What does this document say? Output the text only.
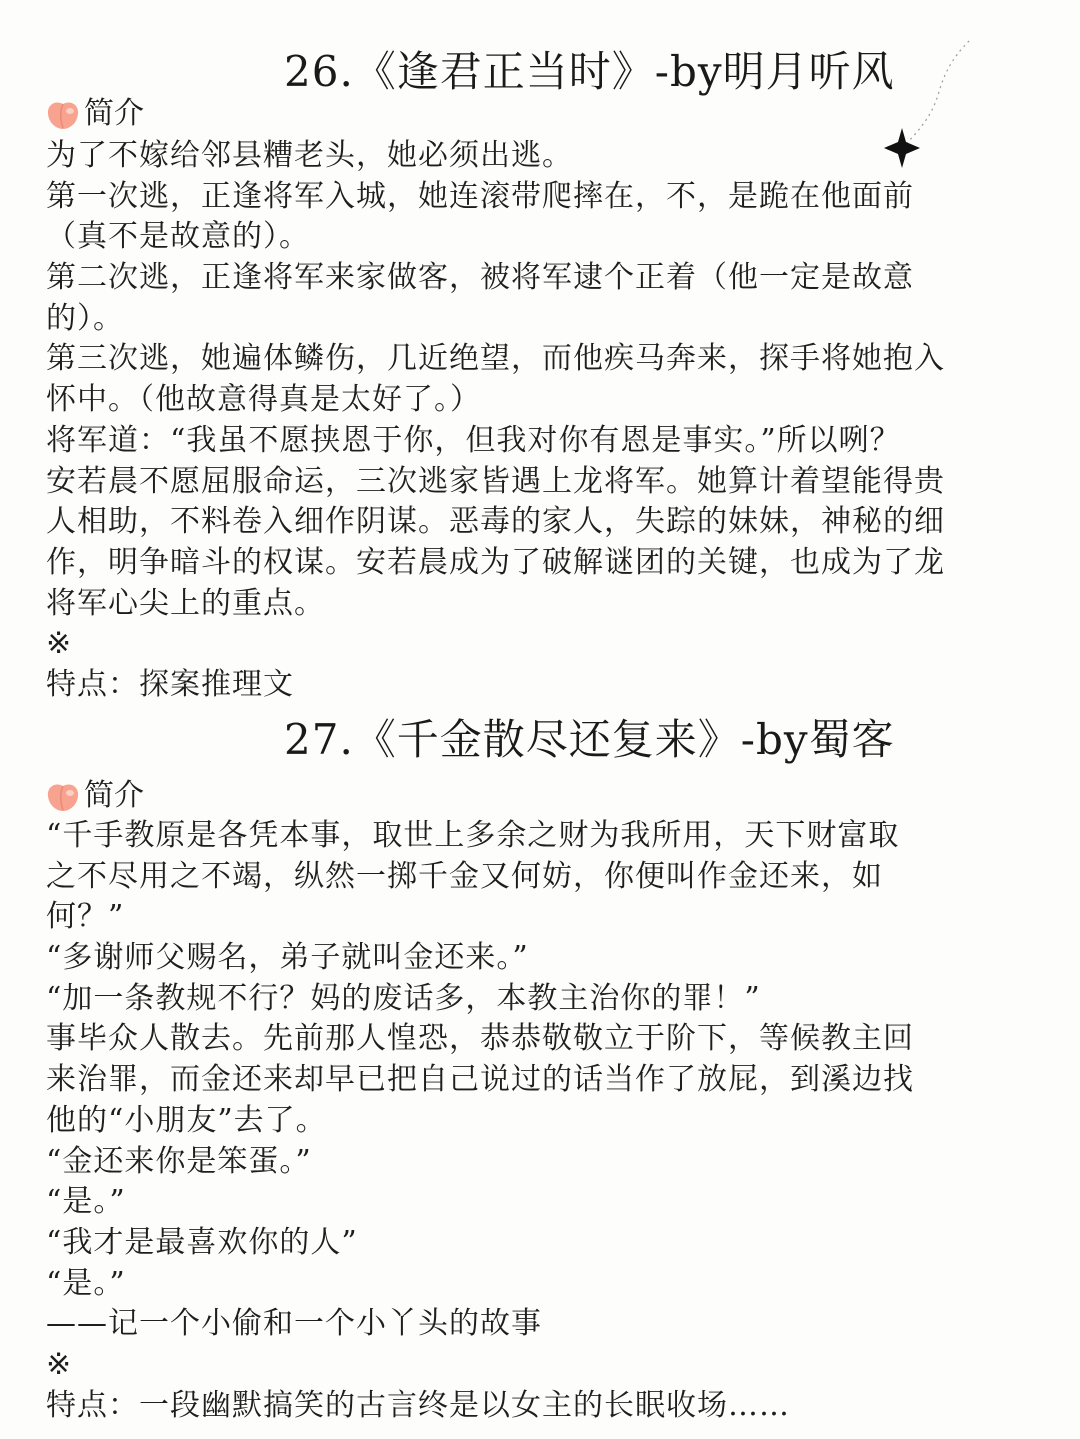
26.《逢君正当时》-by明月听风
简介
为了不嫁给邻县糟老头，她必须出逃。
第一次逃，正逢将军入城，她连滚带爬摔在，不，是跪在他面前
（真不是故意的）。
第二次逃，正逢将军来家做客，被将军逮个正着（他一定是故意
的）。
第三次逃，她遍体鳞伤，几近绝望，而他疾马奔来，探手将她抱入
怀中。（他故意得真是太好了。）
将军道：“我虽不愿挟恩于你，但我对你有恩是事实。”所以咧？
安若晨不愿屈服命运，三次逃家皆遇上龙将军。她算计着望能得贵
人相助，不料卷入细作阴谋。恶毒的家人，失踪的妹妹，神秘的细
作，明争暗斗的权谋。安若晨成为了破解谜团的关键，也成为了龙
将军心尖上的重点。
※
特点：探案推理文
27.《千金散尽还复来》-by蜀客
简介
“千手教原是各凭本事，取世上多余之财为我所用，天下财富取
之不尽用之不竭，纵然一掷千金又何妨，你便叫作金还来，如
何？”
“多谢师父赐名，弟子就叫金还来。”
“加一条教规不行？妈的废话多，本教主治你的罪！”
事毕众人散去。先前那人惶恐，恭恭敬敬立于阶下，等候教主回
来治罪，而金还来却早已把自己说过的话当作了放屁，到溪边找
他的“小朋友”去了。
“金还来你是笨蛋。”
“是。”
“我才是最喜欢你的人”
“是。”
——记一个小偷和一个小丫头的故事
※
特点：一段幽默搞笑的古言终是以女主的长眠收场……
